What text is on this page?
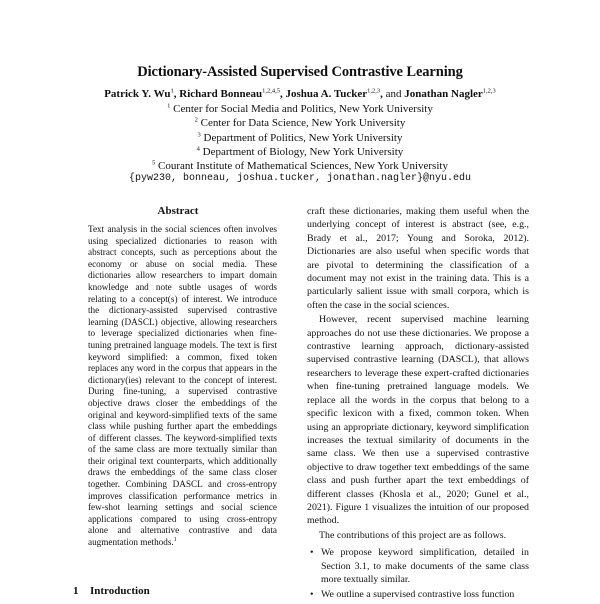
Dictionary-Assisted Supervised Contrastive Learning
Patrick Y. Wu$^1$, Richard Bonneau$^{1,2,4,5}$, Joshua A. Tucker$^{1,2,3}$, and Jonathan Nagler$^{1,2,3}$
$^1$ Center for Social Media and Politics, New York University
$^2$ Center for Data Science, New York University
$^3$ Department of Politics, New York University
$^4$ Department of Biology, New York University
$^5$ Courant Institute of Mathematical Sciences, New York University
{pyw230, bonneau, joshua.tucker, jonathan.nagler}@nyu.edu
Abstract
Text analysis in the social sciences often involves using specialized dictionaries to reason with abstract concepts, such as perceptions about the economy or abuse on social media. These dictionaries allow researchers to impart domain knowledge and note subtle usages of words relating to a concept(s) of interest. We introduce the dictionary-assisted supervised contrastive learning (DASCL) objective, allowing researchers to leverage specialized dictionaries when fine-tuning pretrained language models. The text is first keyword simplified: a common, fixed token replaces any word in the corpus that appears in the dictionary(ies) relevant to the concept of interest. During fine-tuning, a supervised contrastive objective draws closer the embeddings of the original and keyword-simplified texts of the same class while pushing further apart the embeddings of different classes. The keyword-simplified texts of the same class are more textually similar than their original text counterparts, which additionally draws the embeddings of the same class closer together. Combining DASCL and cross-entropy improves classification performance metrics in few-shot learning settings and social science applications compared to using cross-entropy alone and alternative contrastive and data augmentation methods.$^1$
1 Introduction

craft these dictionaries, making them useful when the underlying concept of interest is abstract (see, e.g., Brady et al., 2017; Young and Soroka, 2012). Dictionaries are also useful when specific words that are pivotal to determining the classification of a document may not exist in the training data. This is a particularly salient issue with small corpora, which is often the case in the social sciences.

However, recent supervised machine learning approaches do not use these dictionaries. We propose a contrastive learning approach, dictionary-assisted supervised contrastive learning (DASCL), that allows researchers to leverage these expert-crafted dictionaries when fine-tuning pretrained language models. We replace all the words in the corpus that belong to a specific lexicon with a fixed, common token. When using an appropriate dictionary, keyword simplification increases the textual similarity of documents in the same class. We then use a supervised contrastive objective to draw together text embeddings of the same class and push further apart the text embeddings of different classes (Khosla et al., 2020; Gunel et al., 2021). Figure 1 visualizes the intuition of our proposed method.

The contributions of this project are as follows.

• We propose keyword simplification, detailed in Section 3.1, to make documents of the same class more textually similar.
• We outline a supervised contrastive loss function
